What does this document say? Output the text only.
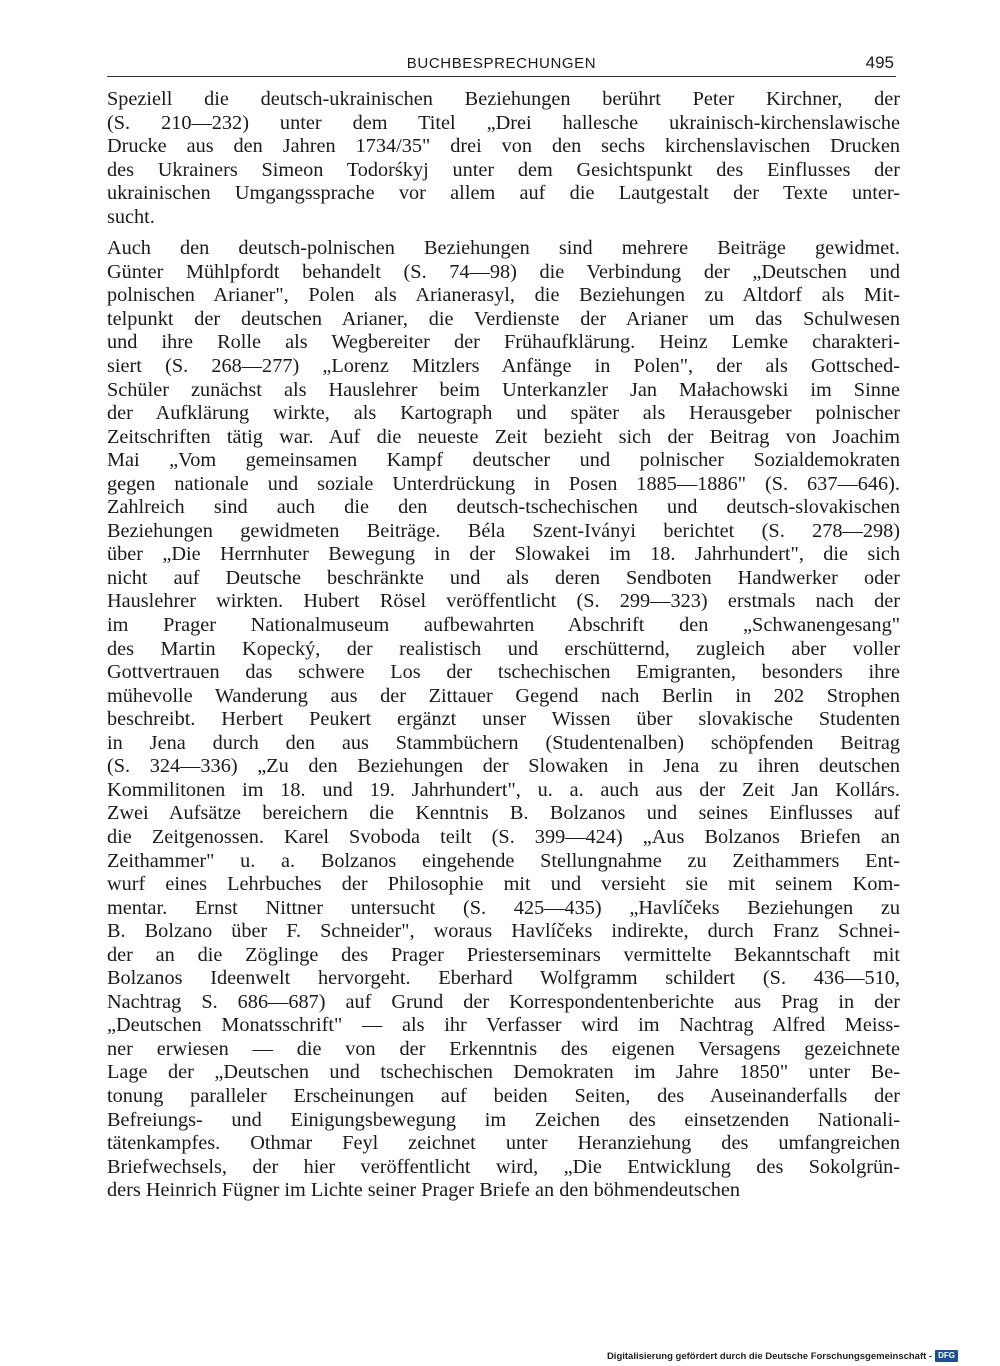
BUCHBESPRECHUNGEN	495
Speziell die deutsch-ukrainischen Beziehungen berührt Peter Kirchner, der
(S. 210—232) unter dem Titel „Drei hallesche ukrainisch-kirchenslawische
Drucke aus den Jahren 1734/35" drei von den sechs kirchenslavischen Drucken
des Ukrainers Simeon Todorśkyj unter dem Gesichtspunkt des Einflusses der
ukrainischen Umgangssprache vor allem auf die Lautgestalt der Texte unter-
sucht.
Auch den deutsch-polnischen Beziehungen sind mehrere Beiträge gewidmet.
Günter Mühlpfordt behandelt (S. 74—98) die Verbindung der „Deutschen und
polnischen Arianer", Polen als Arianerasyl, die Beziehungen zu Altdorf als Mit-
telpunkt der deutschen Arianer, die Verdienste der Arianer um das Schulwesen
und ihre Rolle als Wegbereiter der Frühaufklärung. Heinz Lemke charakteri-
siert (S. 268—277) „Lorenz Mitzlers Anfänge in Polen", der als Gottsched-
Schüler zunächst als Hauslehrer beim Unterkanzler Jan Małachowski im Sinne
der Aufklärung wirkte, als Kartograph und später als Herausgeber polnischer
Zeitschriften tätig war. Auf die neueste Zeit bezieht sich der Beitrag von Joachim
Mai „Vom gemeinsamen Kampf deutscher und polnischer Sozialdemokraten
gegen nationale und soziale Unterdrückung in Posen 1885—1886" (S. 637—646).
Zahlreich sind auch die den deutsch-tschechischen und deutsch-slovakischen
Beziehungen gewidmeten Beiträge. Béla Szent-Iványi berichtet (S. 278—298)
über „Die Herrnhuter Bewegung in der Slowakei im 18. Jahrhundert", die sich
nicht auf Deutsche beschränkte und als deren Sendboten Handwerker oder
Hauslehrer wirkten. Hubert Rösel veröffentlicht (S. 299—323) erstmals nach der
im Prager Nationalmuseum aufbewahrten Abschrift den „Schwanengesang"
des Martin Kopecký, der realistisch und erschütternd, zugleich aber voller
Gottvertrauen das schwere Los der tschechischen Emigranten, besonders ihre
mühevolle Wanderung aus der Zittauer Gegend nach Berlin in 202 Strophen
beschreibt. Herbert Peukert ergänzt unser Wissen über slovakische Studenten
in Jena durch den aus Stammbüchern (Studentenalben) schöpfenden Beitrag
(S. 324—336) „Zu den Beziehungen der Slowaken in Jena zu ihren deutschen
Kommilitonen im 18. und 19. Jahrhundert", u. a. auch aus der Zeit Jan Kollárs.
Zwei Aufsätze bereichern die Kenntnis B. Bolzanos und seines Einflusses auf
die Zeitgenossen. Karel Svoboda teilt (S. 399—424) „Aus Bolzanos Briefen an
Zeithammer" u. a. Bolzanos eingehende Stellungnahme zu Zeithammers Ent-
wurf eines Lehrbuches der Philosophie mit und versieht sie mit seinem Kom-
mentar. Ernst Nittner untersucht (S. 425—435) „Havlíčeks Beziehungen zu
B. Bolzano über F. Schneider", woraus Havlíčeks indirekte, durch Franz Schnei-
der an die Zöglinge des Prager Priesterseminars vermittelte Bekanntschaft mit
Bolzanos Ideenwelt hervorgeht. Eberhard Wolfgramm schildert (S. 436—510,
Nachtrag S. 686—687) auf Grund der Korrespondentenberichte aus Prag in der
„Deutschen Monatsschrift" — als ihr Verfasser wird im Nachtrag Alfred Meiss-
ner erwiesen — die von der Erkenntnis des eigenen Versagens gezeichnete
Lage der „Deutschen und tschechischen Demokraten im Jahre 1850" unter Be-
tonung paralleler Erscheinungen auf beiden Seiten, des Auseinanderfalls der
Befreiungs- und Einigungsbewegung im Zeichen des einsetzenden Nationali-
tätenkampfes. Othmar Feyl zeichnet unter Heranziehung des umfangreichen
Briefwechsels, der hier veröffentlicht wird, „Die Entwicklung des Sokolgrün-
ders Heinrich Fügner im Lichte seiner Prager Briefe an den böhmendeutschen
Digitalisierung gefördert durch die Deutsche Forschungsgemeinschaft - DFG
